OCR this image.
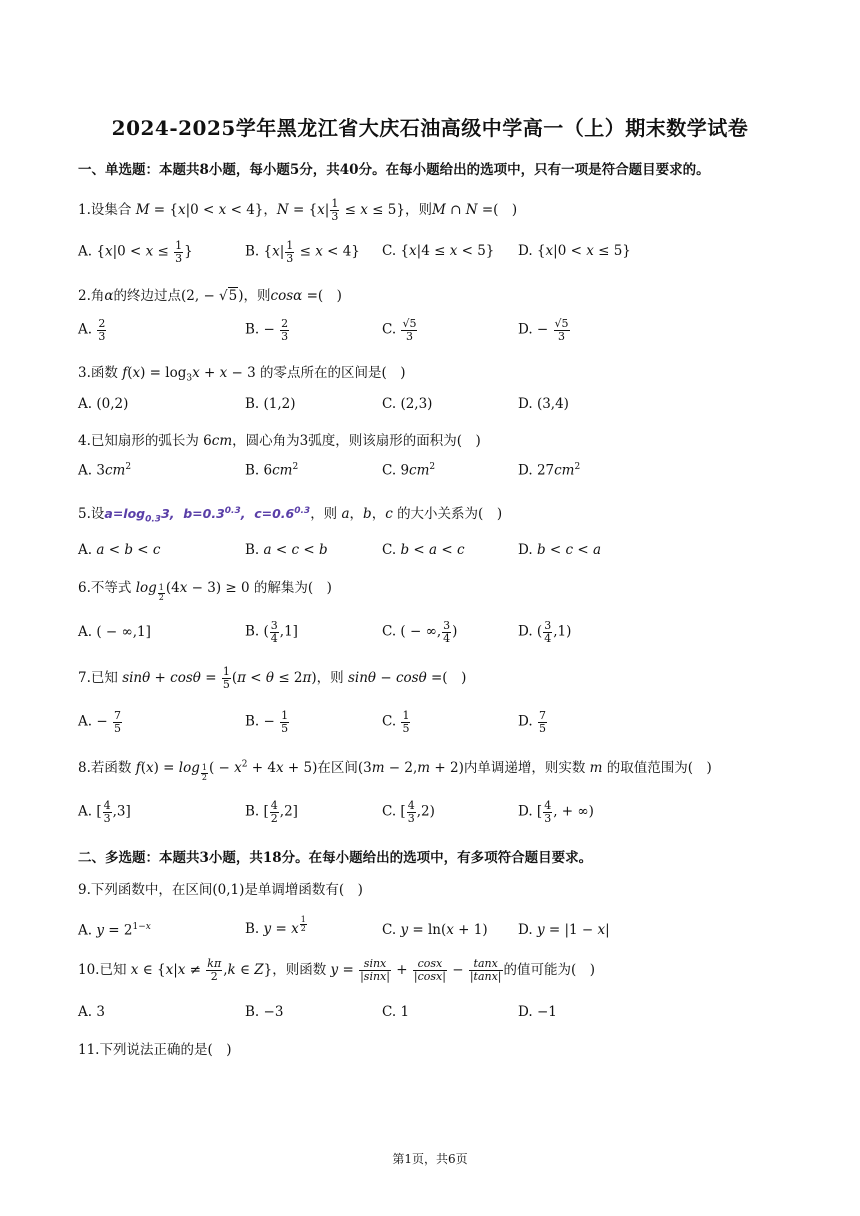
2024-2025学年黑龙江省大庆石油高级中学高一（上）期末数学试卷
一、单选题：本题共8小题，每小题5分，共40分。在每小题给出的选项中，只有一项是符合题目要求的。
1.设集合 M = {x|0 < x < 4}，$N = \{x| \frac{1}{3} \le x \le 5\}$，则M ∩ N =(　)
A. {$x|0 < x \le \frac{1}{3}$ }	B. $\{x| \frac{1}{3} \le x < 4\}$ C. {x|4 ≤ x < 5} D. {x|0 < x ≤ 5}
2.角α的终边过点(2, − √5)，则cosα =(　)
A. $\frac{2}{3}$	B. − $\frac{2}{3}$	C. $\frac{√5}{3}$	D. − $\frac{√5}{3}$
3.函数 $f(x) = \log_3x + x - 3$ 的零点所在的区间是(　)
A. (0,2)	B. (1,2)	C. (2,3)	D. (3,4)
4.已知扇形的弧长为 6cm，圆心角为3弧度，则该扇形的面积为(　)
A. $3cm^2$	B. $6cm^2$	C. $9cm^2$	D. $27cm^2$
5.设$a=\log_{0.3}3$,  $b=0.3^{0.3}$,  $c=0.6^{0.3}$，则 a，b，c 的大小关系为(　)
A. a < b < c	B. a < c < b	C. b < a < c	D. b < c < a
6.不等式 log $_{\frac{1}{2}}$ (4x − 3) ≥ 0 的解集为(　)
A. ( − ∞,1]	B. ( $\frac{3}{4} ,1$]	C. ( − ∞, $\frac{3}{4}$ )	D. ( $\frac{3}{4} ,1$)
7.已知 $\sin\theta + \cos\theta = \frac{1}{5} (\pi < \theta \le 2\pi)$，则 sinθ − cosθ =(　)
A. − $\frac{7}{5}$	B. − $\frac{1}{5}$	C. $\frac{1}{5}$	D. $\frac{7}{5}$
8.若函数 f(x) = log $_{\frac{1}{2}}$ ( − $x^2 + 4x + 5$)在区间(3m − 2,m + 2)内单调递增，则实数 m 的取值范围为(　)
A. [ $\frac{4}{3} ,3$]	B. [ $\frac{4}{2} ,2$]	C. [ $\frac{4}{3} ,2$)	D. [ $\frac{4}{3}$ , + ∞)
二、多选题：本题共3小题，共18分。在每小题给出的选项中，有多项符合题目要求。
9.下列函数中，在区间(0,1)是单调增函数有(　)
A. $y = 2^{1-x}$	B. y = x $^{\frac{1}{2}}$	C. y = ln(x + 1) D. y = |1 − x|
10.已知 x ∈ {$x|x \ne \frac{k\pi}{2} ,k$ ∈ Z}，则函数 $y = \frac{\sin x}{|\sin x|} + \frac{\cos x}{|\cos x|} - \frac{\tan x}{|\tan x|}$ 的值可能为(　)
A. 3	B. −3	C. 1	D. −1
11.下列说法正确的是(　)
第1页，共6页
